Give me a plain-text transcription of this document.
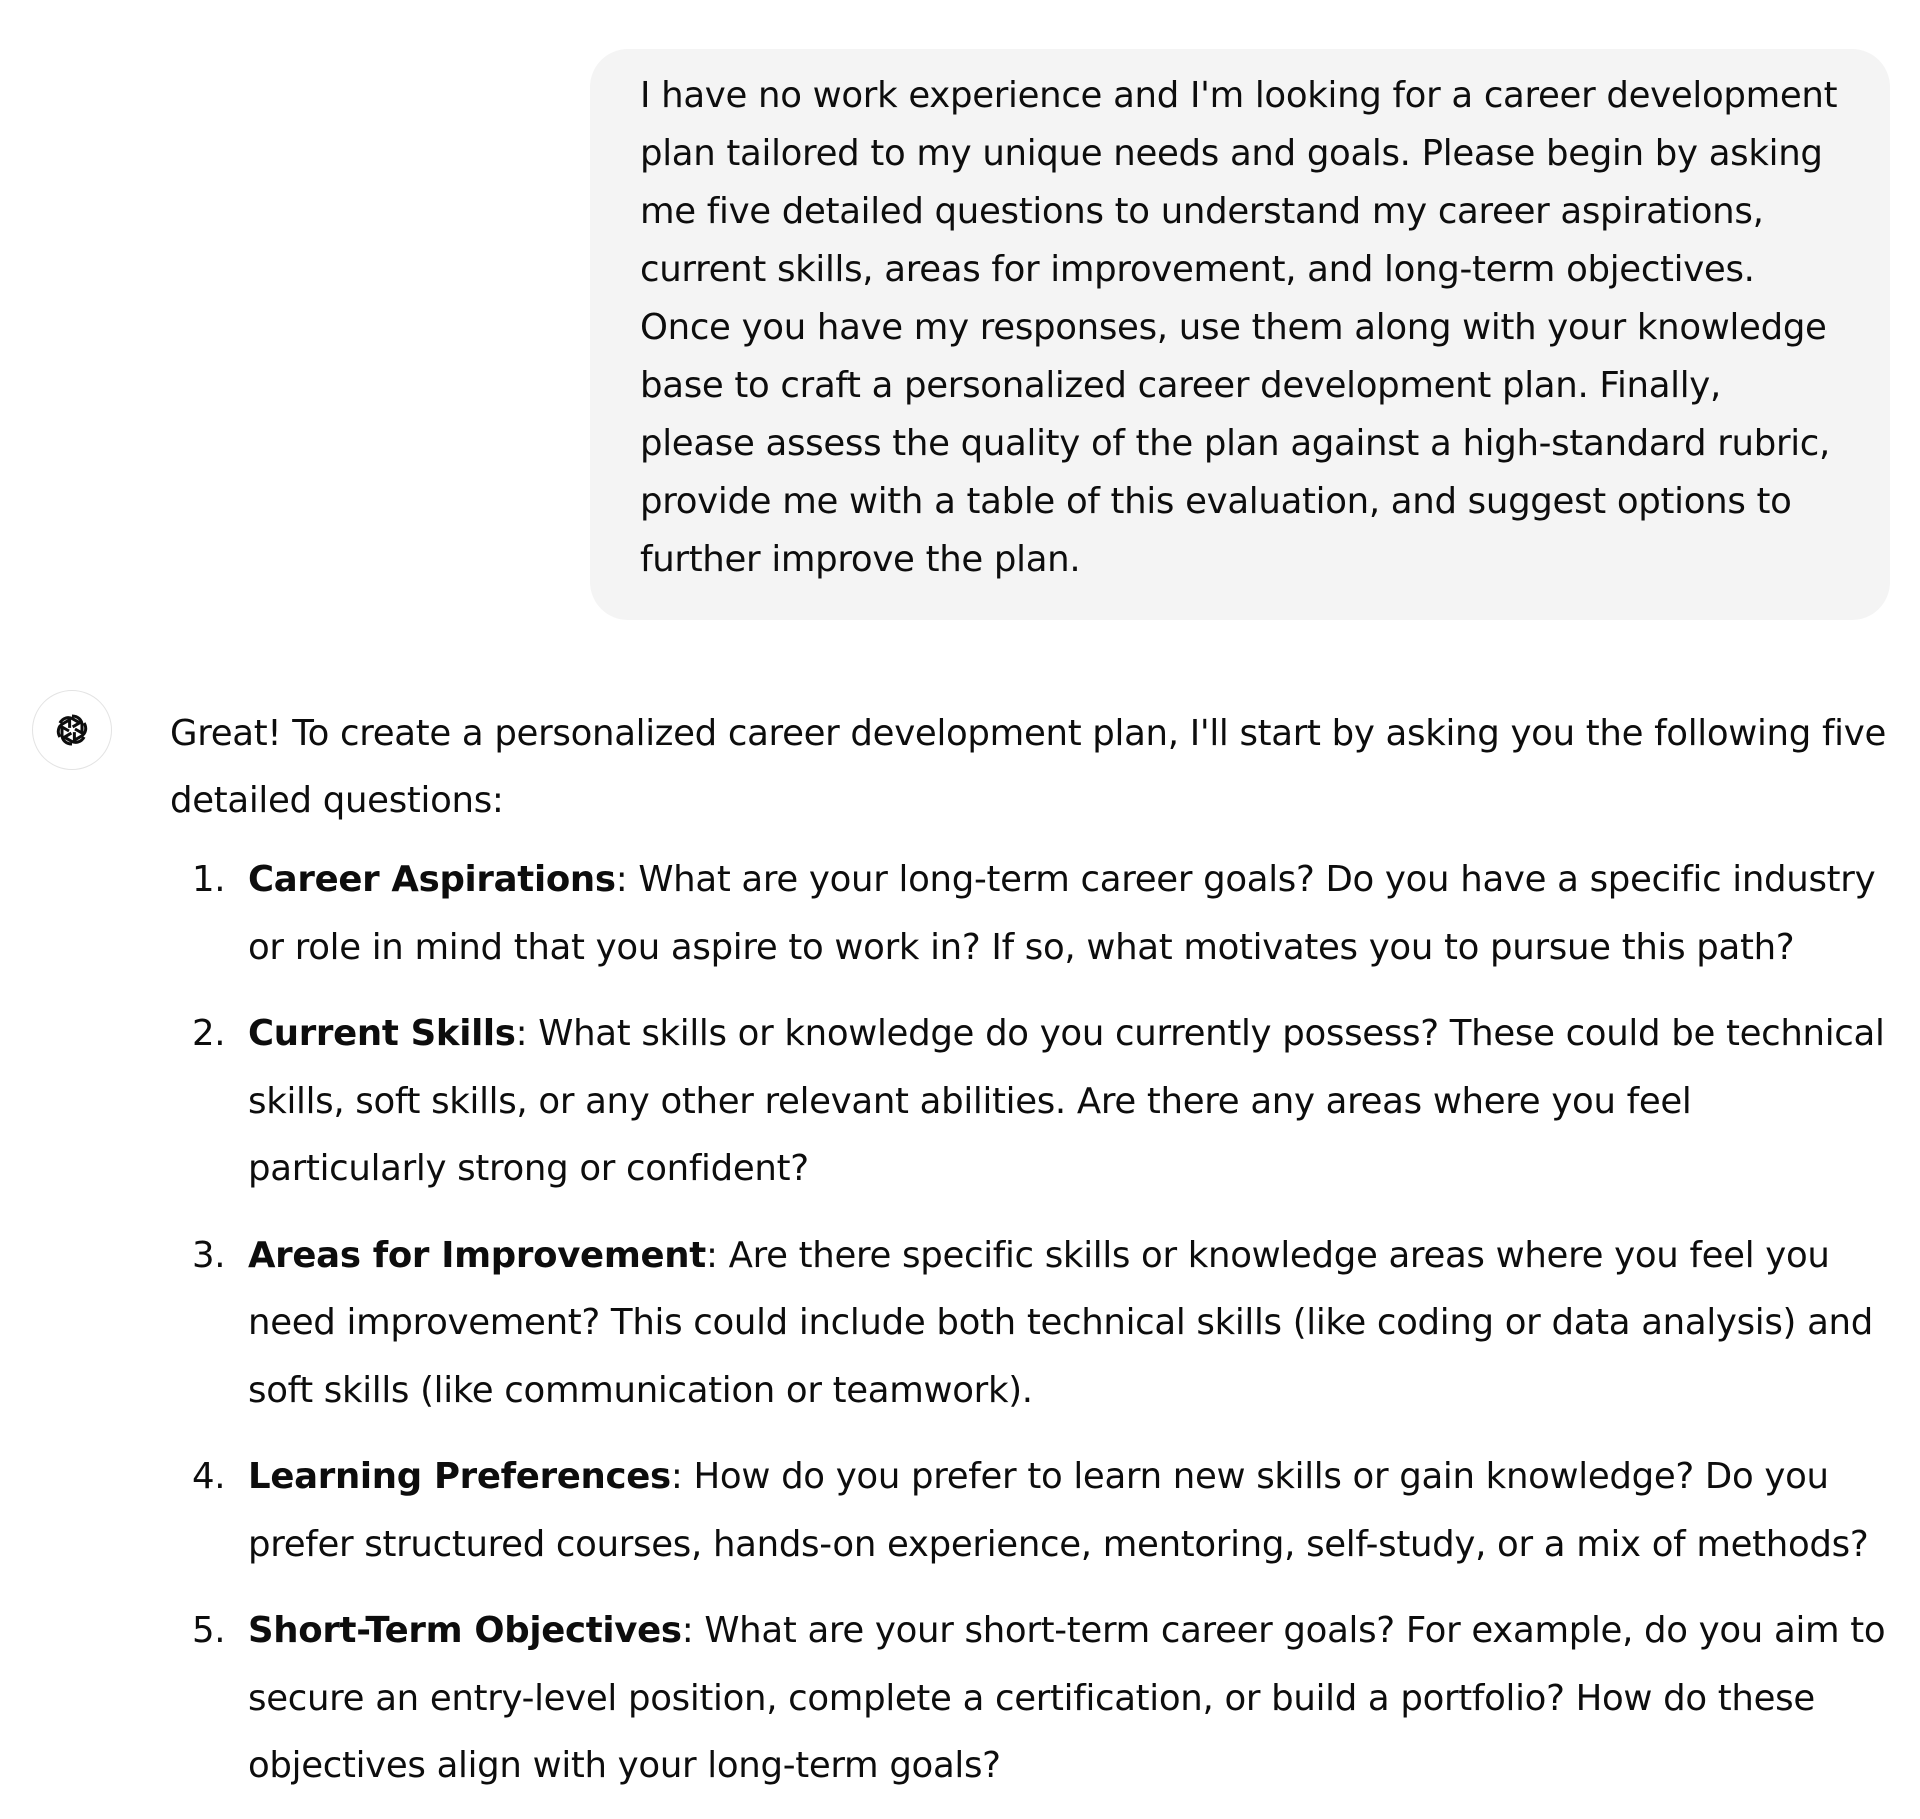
I have no work experience and I'm looking for a career development plan tailored to my unique needs and goals. Please begin by asking me five detailed questions to understand my career aspirations, current skills, areas for improvement, and long-term objectives. Once you have my responses, use them along with your knowledge base to craft a personalized career development plan. Finally, please assess the quality of the plan against a high-standard rubric, provide me with a table of this evaluation, and suggest options to further improve the plan.

Great! To create a personalized career development plan, I'll start by asking you the following five detailed questions:

1. Career Aspirations: What are your long-term career goals? Do you have a specific industry or role in mind that you aspire to work in? If so, what motivates you to pursue this path?
2. Current Skills: What skills or knowledge do you currently possess? These could be technical skills, soft skills, or any other relevant abilities. Are there any areas where you feel particularly strong or confident?
3. Areas for Improvement: Are there specific skills or knowledge areas where you feel you need improvement? This could include both technical skills (like coding or data analysis) and soft skills (like communication or teamwork).
4. Learning Preferences: How do you prefer to learn new skills or gain knowledge? Do you prefer structured courses, hands-on experience, mentoring, self-study, or a mix of methods?
5. Short-Term Objectives: What are your short-term career goals? For example, do you aim to secure an entry-level position, complete a certification, or build a portfolio? How do these objectives align with your long-term goals?
